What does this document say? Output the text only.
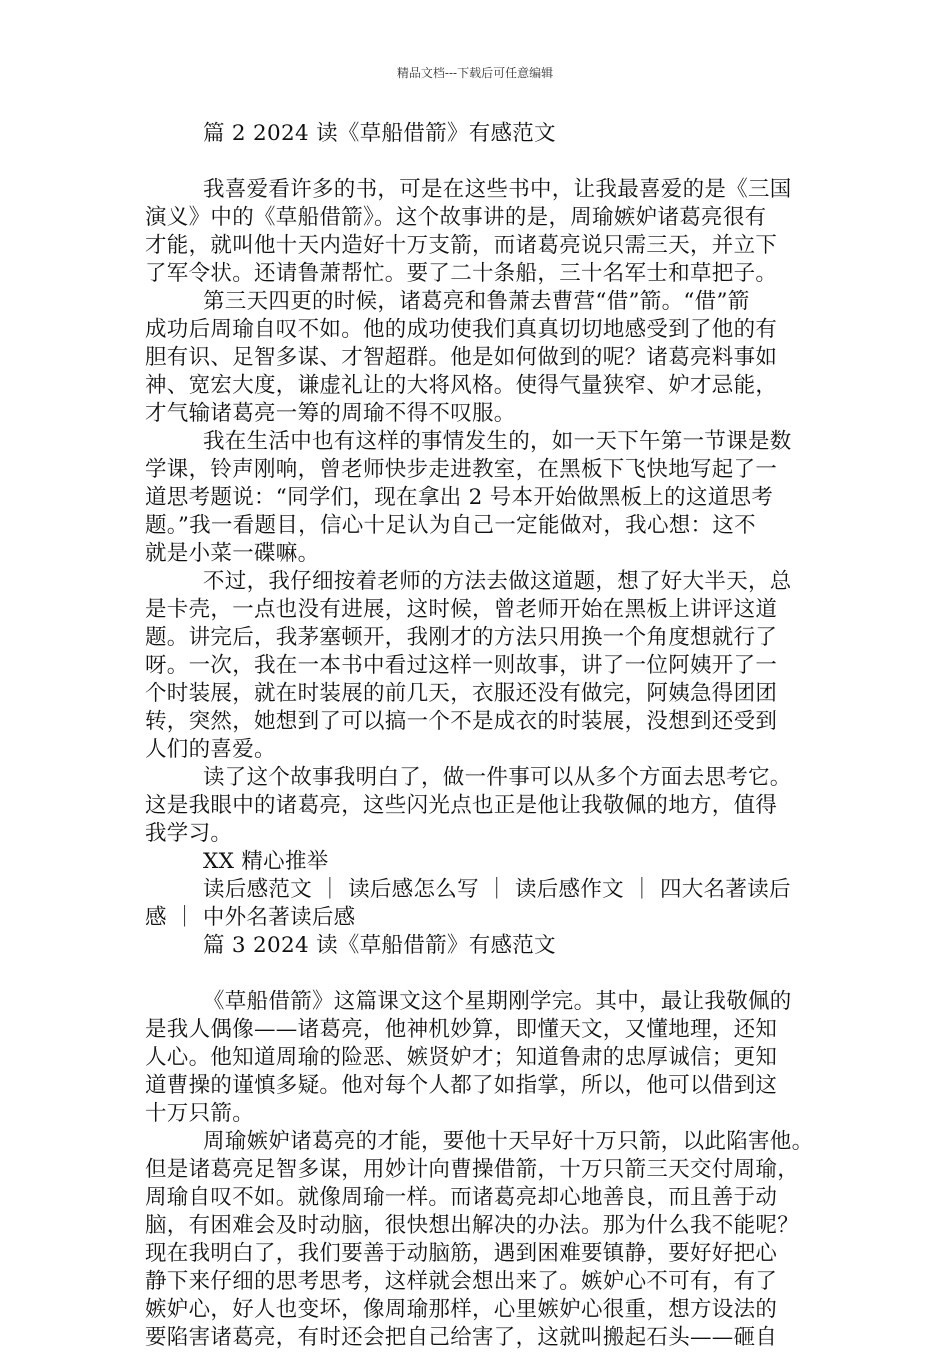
精品文档---下载后可任意编辑
篇 2 2024 读《草船借箭》有感范文
我喜爱看许多的书，可是在这些书中，让我最喜爱的是《三国
演义》中的《草船借箭》。这个故事讲的是，周瑜嫉妒诸葛亮很有
才能，就叫他十天内造好十万支箭，而诸葛亮说只需三天，并立下
了军令状。还请鲁萧帮忙。要了二十条船，三十名军士和草把子。
第三天四更的时候，诸葛亮和鲁萧去曹营“借”箭。“借”箭
成功后周瑜自叹不如。他的成功使我们真真切切地感受到了他的有
胆有识、足智多谋、才智超群。他是如何做到的呢？诸葛亮料事如
神、宽宏大度，谦虚礼让的大将风格。使得气量狭窄、妒才忌能，
才气输诸葛亮一筹的周瑜不得不叹服。
我在生活中也有这样的事情发生的，如一天下午第一节课是数
学课，铃声刚响，曾老师快步走进教室，在黑板下飞快地写起了一
道思考题说：“同学们，现在拿出 2 号本开始做黑板上的这道思考
题。”我一看题目，信心十足认为自己一定能做对，我心想：这不
就是小菜一碟嘛。
不过，我仔细按着老师的方法去做这道题，想了好大半天，总
是卡壳，一点也没有进展，这时候，曾老师开始在黑板上讲评这道
题。讲完后，我茅塞顿开，我刚才的方法只用换一个角度想就行了
呀。一次，我在一本书中看过这样一则故事，讲了一位阿姨开了一
个时装展，就在时装展的前几天，衣服还没有做完，阿姨急得团团
转，突然，她想到了可以搞一个不是成衣的时装展，没想到还受到
人们的喜爱。
读了这个故事我明白了，做一件事可以从多个方面去思考它。
这是我眼中的诸葛亮，这些闪光点也正是他让我敬佩的地方，值得
我学习。
XX 精心推举
读后感范文 ｜ 读后感怎么写 ｜ 读后感作文 ｜ 四大名著读后
感 ｜ 中外名著读后感
篇 3 2024 读《草船借箭》有感范文
《草船借箭》这篇课文这个星期刚学完。其中，最让我敬佩的
是我人偶像——诸葛亮，他神机妙算，即懂天文，又懂地理，还知
人心。他知道周瑜的险恶、嫉贤妒才；知道鲁肃的忠厚诚信；更知
道曹操的谨慎多疑。他对每个人都了如指掌，所以，他可以借到这
十万只箭。
周瑜嫉妒诸葛亮的才能，要他十天早好十万只箭，以此陷害他。
但是诸葛亮足智多谋，用妙计向曹操借箭，十万只箭三天交付周瑜，
周瑜自叹不如。就像周瑜一样。而诸葛亮却心地善良，而且善于动
脑，有困难会及时动脑，很快想出解决的办法。那为什么我不能呢？
现在我明白了，我们要善于动脑筋，遇到困难要镇静，要好好把心
静下来仔细的思考思考，这样就会想出来了。嫉妒心不可有，有了
嫉妒心，好人也变坏，像周瑜那样，心里嫉妒心很重，想方设法的
要陷害诸葛亮，有时还会把自己给害了，这就叫搬起石头——砸自
